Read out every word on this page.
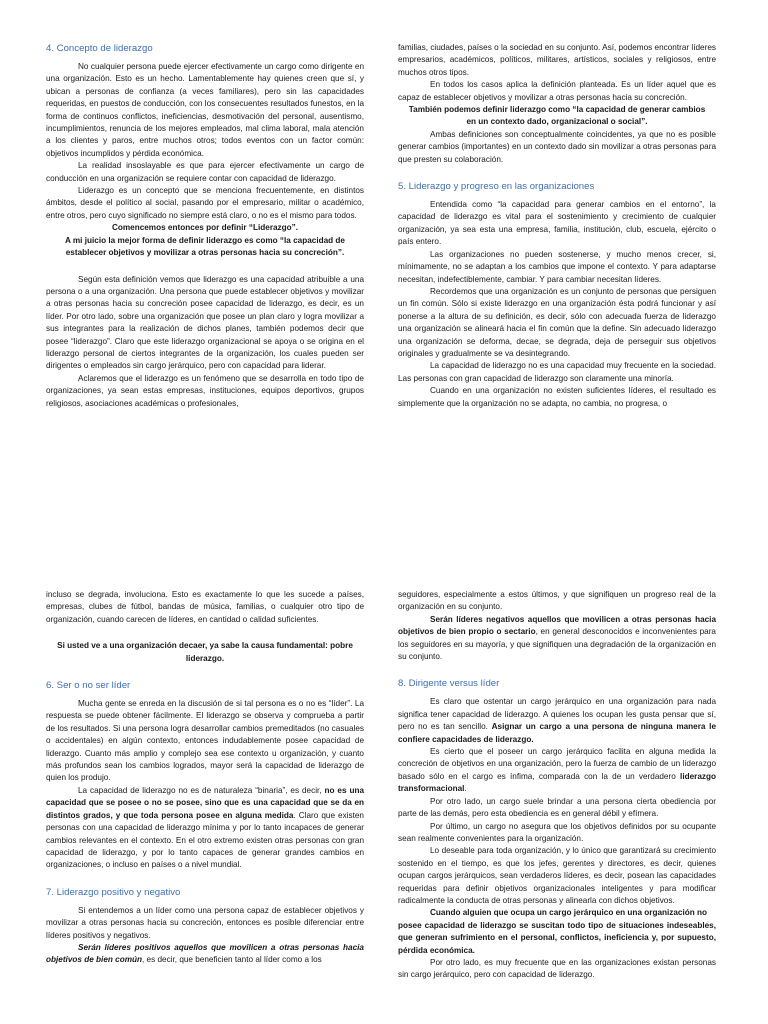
4. Concepto de liderazgo

No cualquier persona puede ejercer efectivamente un cargo como dirigente en una organización. Esto es un hecho. Lamentablemente hay quienes creen que sí, y ubican a personas de confianza (a veces familiares), pero sin las capacidades requeridas, en puestos de conducción, con los consecuentes resultados funestos, en la forma de continuos conflictos, ineficiencias, desmotivación del personal, ausentismo, incumplimientos, renuncia de los mejores empleados, mal clima laboral, mala atención a los clientes y paros, entre muchos otros; todos eventos con un factor común: objetivos incumplidos y pérdida económica.

La realidad insoslayable es que para ejercer efectivamente un cargo de conducción en una organización se requiere contar con capacidad de liderazgo.

Liderazgo es un concepto que se menciona frecuentemente, en distintos ámbitos, desde el político al social, pasando por el empresario, militar o académico, entre otros, pero cuyo significado no siempre está claro, o no es el mismo para todos.

Comencemos entonces por definir “Liderazgo”.

A mi juicio la mejor forma de definir liderazgo es como “la capacidad de establecer objetivos y movilizar a otras personas hacia su concreción”.

Según esta definición vemos que liderazgo es una capacidad atribuible a una persona o a una organización. Una persona que puede establecer objetivos y movilizar a otras personas hacia su concreción posee capacidad de liderazgo, es decir, es un líder. Por otro lado, sobre una organización que posee un plan claro y logra movilizar a sus integrantes para la realización de dichos planes, también podemos decir que posee “liderazgo”. Claro que este liderazgo organizacional se apoya o se origina en el liderazgo personal de ciertos integrantes de la organización, los cuales pueden ser dirigentes o empleados sin cargo jerárquico, pero con capacidad para liderar.

Aclaremos que el liderazgo es un fenómeno que se desarrolla en todo tipo de organizaciones, ya sean estas empresas, instituciones, equipos deportivos, grupos religiosos, asociaciones académicas o profesionales,

familias, ciudades, países o la sociedad en su conjunto. Así, podemos encontrar líderes empresarios, académicos, políticos, militares, artísticos, sociales y religiosos, entre muchos otros tipos.

En todos los casos aplica la definición planteada. Es un líder aquel que es capaz de establecer objetivos y movilizar a otras personas hacia su concreción.

También podemos definir liderazgo como “la capacidad de generar cambios en un contexto dado, organizacional o social”.

Ambas definiciones son conceptualmente coincidentes, ya que no es posible generar cambios (importantes) en un contexto dado sin movilizar a otras personas para que presten su colaboración.

5. Liderazgo y progreso en las organizaciones

Entendida como “la capacidad para generar cambios en el entorno”, la capacidad de liderazgo es vital para el sostenimiento y crecimiento de cualquier organización, ya sea esta una empresa, familia, institución, club, escuela, ejército o país entero.

Las organizaciones no pueden sostenerse, y mucho menos crecer, si, mínimamente, no se adaptan a los cambios que impone el contexto. Y para adaptarse necesitan, indefectiblemente, cambiar. Y para cambiar necesitan líderes.

Recordemos que una organización es un conjunto de personas que persiguen un fin común. Sólo si existe liderazgo en una organización ésta podrá funcionar y así ponerse a la altura de su definición, es decir, sólo con adecuada fuerza de liderazgo una organización se alineará hacia el fin común que la define. Sin adecuado liderazgo una organización se deforma, decae, se degrada, deja de perseguir sus objetivos originales y gradualmente se va desintegrando.

La capacidad de liderazgo no es una capacidad muy frecuente en la sociedad. Las personas con gran capacidad de liderazgo son claramente una minoría.

Cuando en una organización no existen suficientes líderes, el resultado es simplemente que la organización no se adapta, no cambia, no progresa, o

incluso se degrada, involuciona. Esto es exactamente lo que les sucede a países, empresas, clubes de fútbol, bandas de música, familias, o cualquier otro tipo de organización, cuando carecen de líderes, en cantidad o calidad suficientes.

Si usted ve a una organización decaer, ya sabe la causa fundamental: pobre liderazgo.

6. Ser o no ser líder

Mucha gente se enreda en la discusión de si tal persona es o no es “líder”. La respuesta se puede obtener fácilmente. El liderazgo se observa y comprueba a partir de los resultados. Si una persona logra desarrollar cambios premeditados (no casuales o accidentales) en algún contexto, entonces indudablemente posee capacidad de liderazgo. Cuanto más amplio y complejo sea ese contexto u organización, y cuanto más profundos sean los cambios logrados, mayor será la capacidad de liderazgo de quien los produjo.

La capacidad de liderazgo no es de naturaleza “binaria”, es decir, no es una capacidad que se posee o no se posee, sino que es una capacidad que se da en distintos grados, y que toda persona posee en alguna medida. Claro que existen personas con una capacidad de liderazgo mínima y por lo tanto incapaces de generar cambios relevantes en el contexto. En el otro extremo existen otras personas con gran capacidad de liderazgo, y por lo tanto capaces de generar grandes cambios en organizaciones, o incluso en países o a nivel mundial.

7. Liderazgo positivo y negativo

Si entendemos a un líder como una persona capaz de establecer objetivos y movilizar a otras personas hacia su concreción, entonces es posible diferenciar entre líderes positivos y negativos.

Serán líderes positivos aquellos que movilicen a otras personas hacia objetivos de bien común, es decir, que beneficien tanto al líder como a los

seguidores, especialmente a estos últimos, y que signifiquen un progreso real de la organización en su conjunto.

Serán líderes negativos aquellos que movilicen a otras personas hacia objetivos de bien propio o sectario, en general desconocidos e inconvenientes para los seguidores en su mayoría, y que signifiquen una degradación de la organización en su conjunto.

8. Dirigente versus líder

Es claro que ostentar un cargo jerárquico en una organización para nada significa tener capacidad de liderazgo. A quienes los ocupan les gusta pensar que sí, pero no es tan sencillo. Asignar un cargo a una persona de ninguna manera le confiere capacidades de liderazgo.

Es cierto que el poseer un cargo jerárquico facilita en alguna medida la concreción de objetivos en una organización, pero la fuerza de cambio de un liderazgo basado sólo en el cargo es ínfima, comparada con la de un verdadero liderazgo transformacional.

Por otro lado, un cargo suele brindar a una persona cierta obediencia por parte de las demás, pero esta obediencia es en general débil y efímera.

Por último, un cargo no asegura que los objetivos definidos por su ocupante sean realmente convenientes para la organización.

Lo deseable para toda organización, y lo único que garantizará su crecimiento sostenido en el tiempo, es que los jefes, gerentes y directores, es decir, quienes ocupan cargos jerárquicos, sean verdaderos líderes, es decir, posean las capacidades requeridas para definir objetivos organizacionales inteligentes y para modificar radicalmente la conducta de otras personas y alinearla con dichos objetivos.

Cuando alguien que ocupa un cargo jerárquico en una organización no

posee capacidad de liderazgo se suscitan todo tipo de situaciones indeseables, que generan sufrimiento en el personal, conflictos, ineficiencia y, por supuesto, pérdida económica.

Por otro lado, es muy frecuente que en las organizaciones existan personas sin cargo jerárquico, pero con capacidad de liderazgo.
